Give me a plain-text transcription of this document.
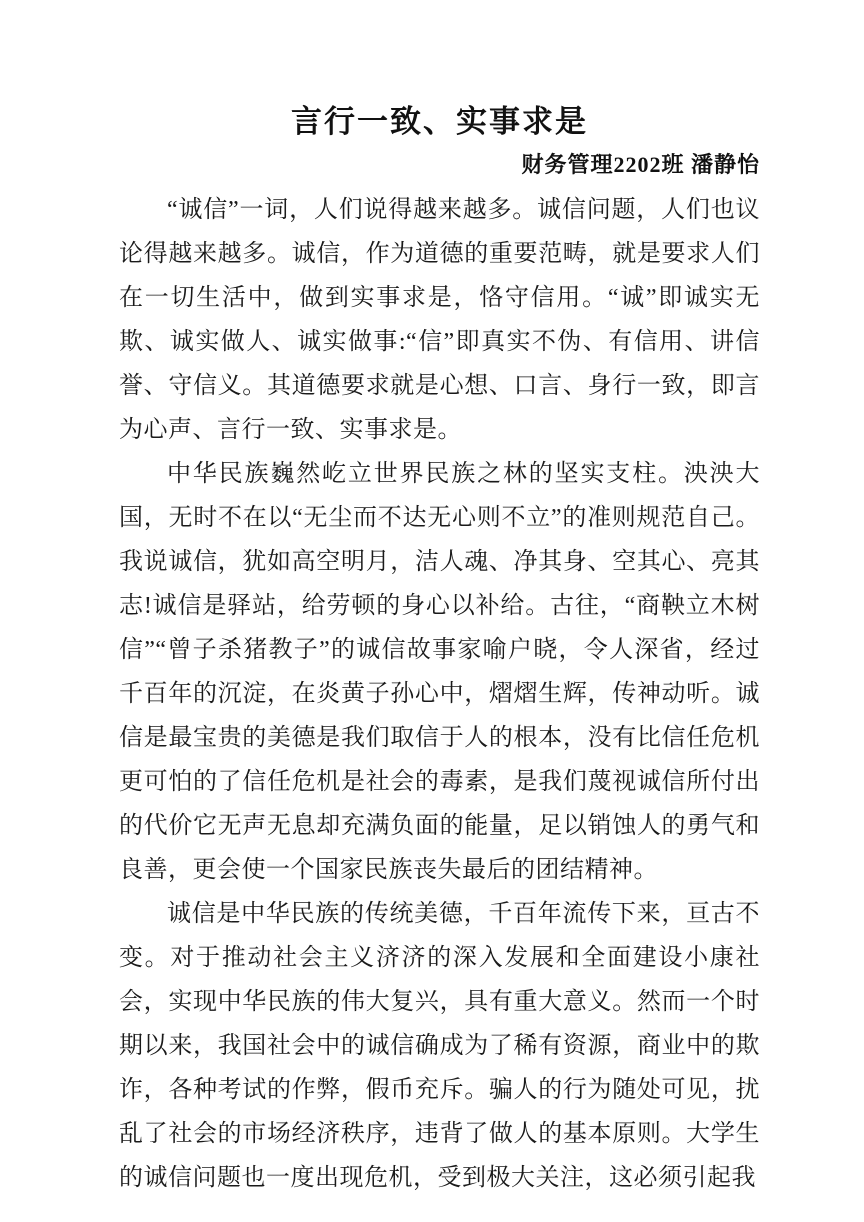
言行一致、实事求是
财务管理2202班 潘静怡

“诚信”一词，人们说得越来越多。诚信问题，人们也议论得越来越多。诚信，作为道德的重要范畴，就是要求人们在一切生活中，做到实事求是，恪守信用。“诚”即诚实无欺、诚实做人、诚实做事:“信”即真实不伪、有信用、讲信誉、守信义。其道德要求就是心想、口言、身行一致，即言为心声、言行一致、实事求是。

中华民族巍然屹立世界民族之林的坚实支柱。泱泱大国，无时不在以“无尘而不达无心则不立”的准则规范自己。我说诚信，犹如高空明月，洁人魂、净其身、空其心、亮其志!诚信是驿站，给劳顿的身心以补给。古往，“商鞅立木树信”“曾子杀猪教子”的诚信故事家喻户晓，令人深省，经过千百年的沉淀，在炎黄子孙心中，熠熠生辉，传神动听。诚信是最宝贵的美德是我们取信于人的根本，没有比信任危机更可怕的了信任危机是社会的毒素，是我们蔑视诚信所付出的代价它无声无息却充满负面的能量，足以销蚀人的勇气和良善，更会使一个国家民族丧失最后的团结精神。

诚信是中华民族的传统美德，千百年流传下来，亘古不变。对于推动社会主义济济的深入发展和全面建设小康社会，实现中华民族的伟大复兴，具有重大意义。然而一个时期以来，我国社会中的诚信确成为了稀有资源，商业中的欺诈，各种考试的作弊，假币充斥。骗人的行为随处可见，扰乱了社会的市场经济秩序，违背了做人的基本原则。大学生的诚信问题也一度出现危机，受到极大关注，这必须引起我
